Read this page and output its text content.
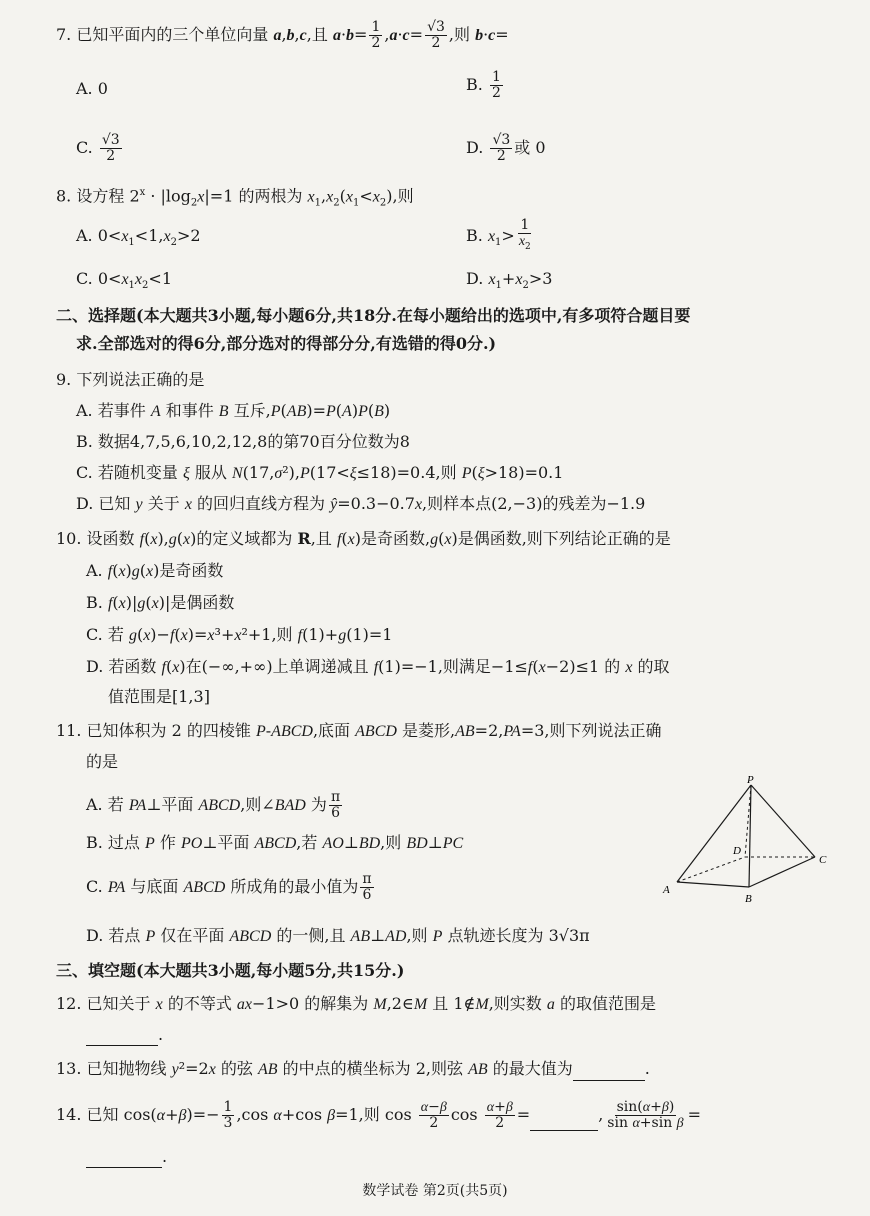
7. 已知平面内的三个单位向量 a,b,c,且 $a\cdot b= \frac{1}{2} ,a\cdot c= \frac{√3}{2}$ ,则 b·c=
A. 0	B. $\frac{1}{2}$
C. $\frac{√3}{2}$	D. $\frac{√3}{2}$ 或 0
8. 设方程 $2^x \cdot |\log_2x|=1$ 的两根为 $x_1,x_2(x_1<x_2)$,则
A. $0<x_1<1,x_2>2$	B. $x_1> \frac{1}{x_2}$
C. $0<x_1x_2<1$	D. $x_1+x_2>3$
二、选择题(本大题共3小题,每小题6分,共18分.在每小题给出的选项中,有多项符合题目要
求.全部选对的得6分,部分选对的得部分分,有选错的得0分.)
9. 下列说法正确的是
A. 若事件 A 和事件 B 互斥,P(AB)=P(A)P(B)
B. 数据4,7,5,6,10,2,12,8的第70百分位数为8
C. 若随机变量 ξ 服从 N(17,σ²),P(17<ξ≤18)=0.4,则 P(ξ>18)=0.1
D. 已知 y 关于 x 的回归直线方程为 ŷ=0.3−0.7x,则样本点(2,−3)的残差为−1.9
10. 设函数 f(x),g(x)的定义域都为 R,且 f(x)是奇函数,g(x)是偶函数,则下列结论正确的是
A. f(x)g(x)是奇函数
B. f(x)|g(x)|是偶函数
C. 若 g(x)−f(x)=x³+x²+1,则 f(1)+g(1)=1
D. 若函数 f(x)在(−∞,+∞)上单调递减且 f(1)=−1,则满足−1≤f(x−2)≤1 的 x 的取
值范围是[1,3]
11. 已知体积为 2 的四棱锥 P-ABCD,底面 ABCD 是菱形,AB=2,PA=3,则下列说法正确
的是
A. 若 PA⊥平面 ABCD,则∠BAD 为 $\frac{\pi}{6}$
B. 过点 P 作 PO⊥平面 ABCD,若 AO⊥BD,则 BD⊥PC
C. PA 与底面 ABCD 所成角的最小值为 $\frac{\pi}{6}$
D. 若点 P 仅在平面 ABCD 的一侧,且 AB⊥AD,则 P 点轨迹长度为 3√3π
P
A
B
C
D
三、填空题(本大题共3小题,每小题5分,共15分.)
12. 已知关于 x 的不等式 ax−1>0 的解集为 M,2∈M 且 1∉M,则实数 a 的取值范围是
.
13. 已知抛物线 y²=2x 的弦 AB 的中点的横坐标为 2,则弦 AB 的最大值为	.
14. 已知 $\cos(\alpha+\beta)=- \frac{1}{3} ,\cos$ α+cos β=1,则 $\cos \frac{\alpha-\beta}{2}$ $\cos \frac{\alpha+\beta}{2}$ =	, $\frac{\sin(\alpha+\beta)}{\text{sin α+sin β}}$ =
.
数学试卷 第2页(共5页)
